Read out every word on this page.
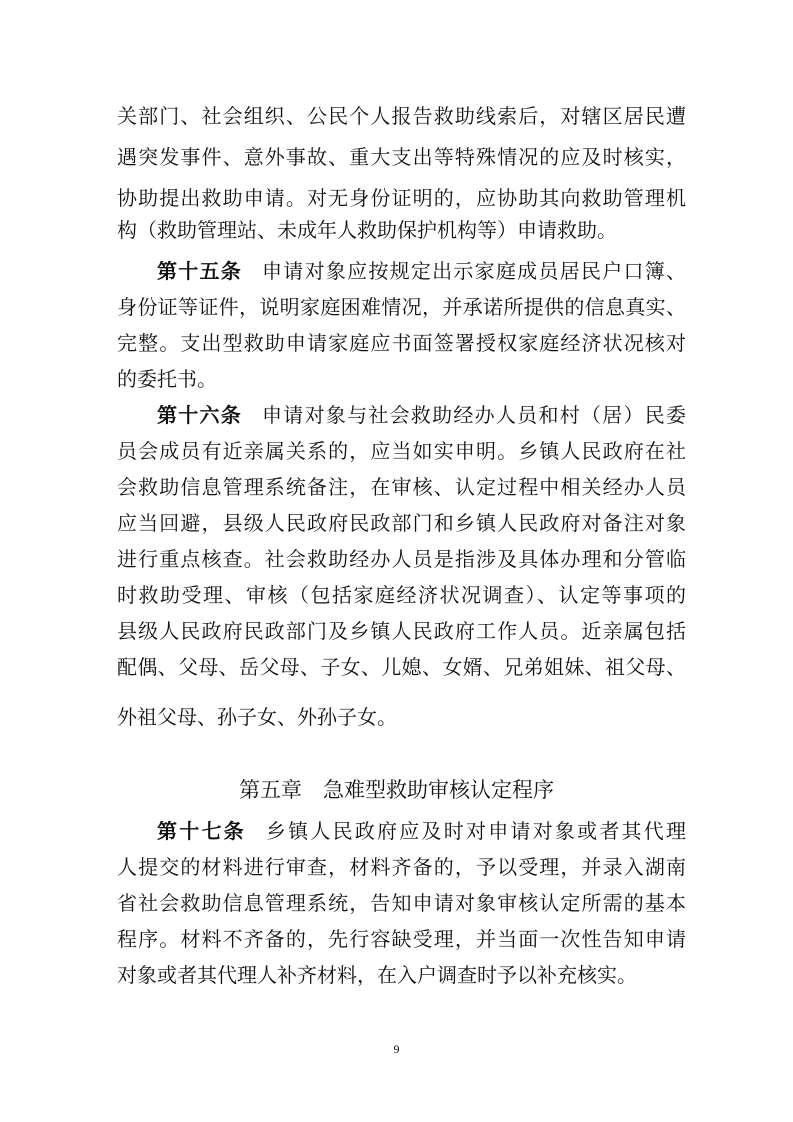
关部门、社会组织、公民个人报告救助线索后，对辖区居民遭
遇突发事件、意外事故、重大支出等特殊情况的应及时核实，
协助提出救助申请。对无身份证明的，应协助其向救助管理机
构（救助管理站、未成年人救助保护机构等）申请救助。
第十五条 申请对象应按规定出示家庭成员居民户口簿、
身份证等证件，说明家庭困难情况，并承诺所提供的信息真实、
完整。支出型救助申请家庭应书面签署授权家庭经济状况核对
的委托书。
第十六条 申请对象与社会救助经办人员和村（居）民委
员会成员有近亲属关系的，应当如实申明。乡镇人民政府在社
会救助信息管理系统备注，在审核、认定过程中相关经办人员
应当回避，县级人民政府民政部门和乡镇人民政府对备注对象
进行重点核查。社会救助经办人员是指涉及具体办理和分管临
时救助受理、审核（包括家庭经济状况调查）、认定等事项的
县级人民政府民政部门及乡镇人民政府工作人员。近亲属包括
配偶、父母、岳父母、子女、儿媳、女婿、兄弟姐妹、祖父母、
外祖父母、孙子女、外孙子女。
第五章　急难型救助审核认定程序
第十七条 乡镇人民政府应及时对申请对象或者其代理
人提交的材料进行审查，材料齐备的，予以受理，并录入湖南
省社会救助信息管理系统，告知申请对象审核认定所需的基本
程序。材料不齐备的，先行容缺受理，并当面一次性告知申请
对象或者其代理人补齐材料，在入户调查时予以补充核实。
9
